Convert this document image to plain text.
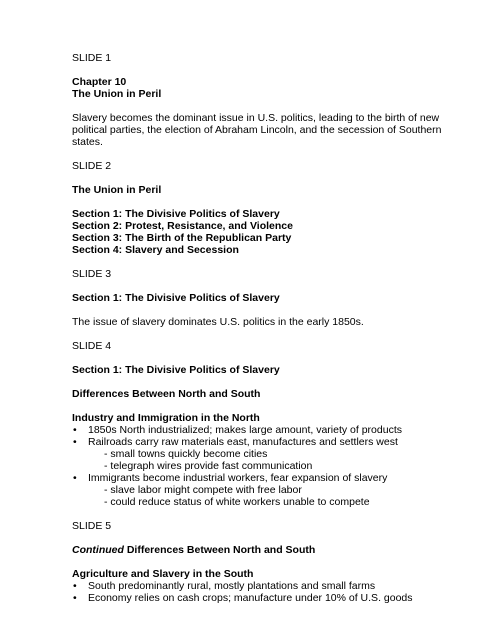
SLIDE 1

Chapter 10

The Union in Peril

Slavery becomes the dominant issue in U.S. politics, leading to the birth of new political parties, the election of Abraham Lincoln, and the secession of Southern states.

SLIDE 2

The Union in Peril

Section 1: The Divisive Politics of Slavery

Section 2: Protest, Resistance, and Violence

Section 3: The Birth of the Republican Party

Section 4: Slavery and Secession

SLIDE 3

Section 1: The Divisive Politics of Slavery

The issue of slavery dominates U.S. politics in the early 1850s.

SLIDE 4

Section 1: The Divisive Politics of Slavery

Differences Between North and South

Industry and Immigration in the North

• 1850s North industrialized; makes large amount, variety of products
• Railroads carry raw materials east, manufactures and settlers west
- small towns quickly become cities
- telegraph wires provide fast communication
• Immigrants become industrial workers, fear expansion of slavery
- slave labor might compete with free labor
- could reduce status of white workers unable to compete

SLIDE 5

Continued Differences Between North and South

Agriculture and Slavery in the South

• South predominantly rural, mostly plantations and small farms
• Economy relies on cash crops; manufacture under 10% of U.S. goods
